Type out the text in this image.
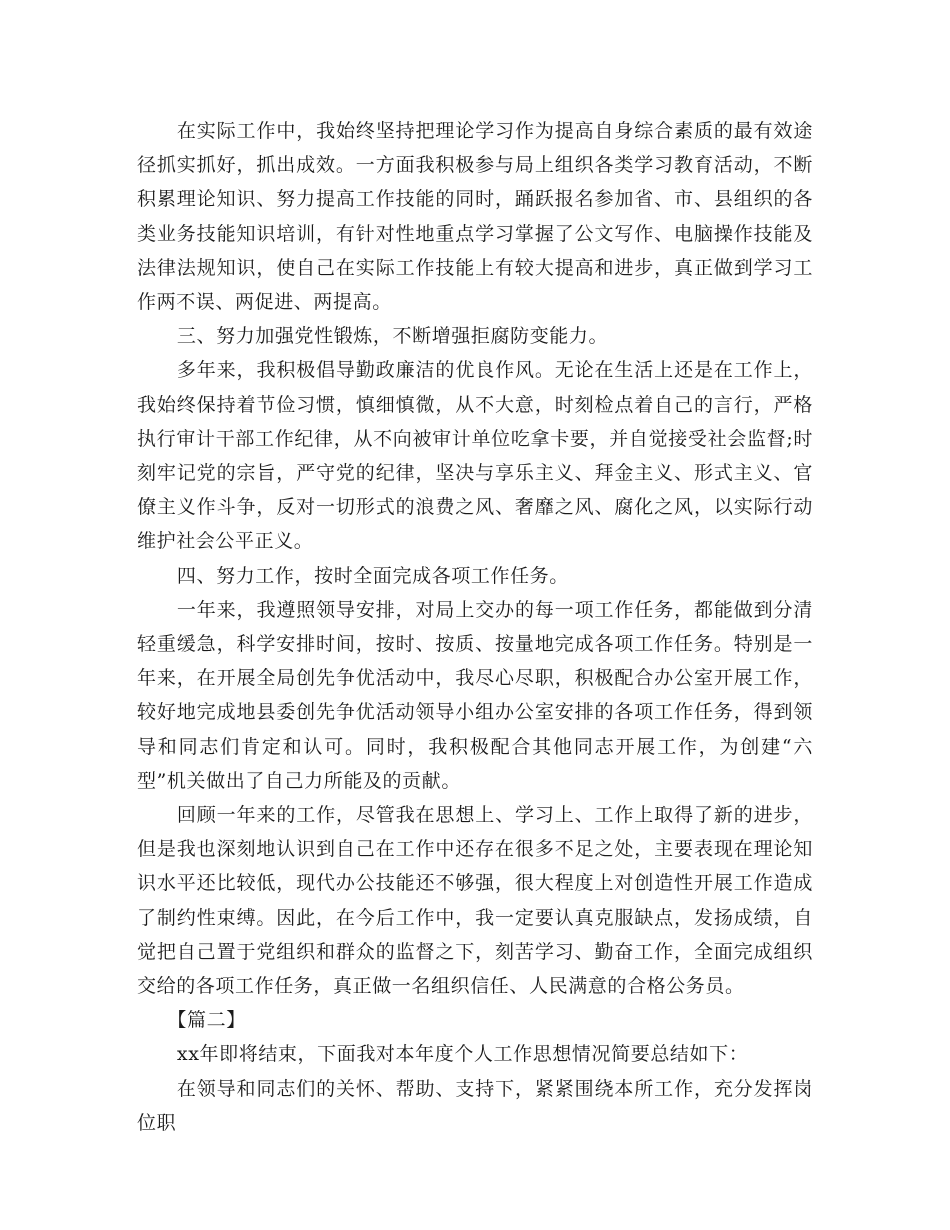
在实际工作中，我始终坚持把理论学习作为提高自身综合素质的最有效途径抓实抓好，抓出成效。一方面我积极参与局上组织各类学习教育活动，不断积累理论知识、努力提高工作技能的同时，踊跃报名参加省、市、县组织的各类业务技能知识培训，有针对性地重点学习掌握了公文写作、电脑操作技能及法律法规知识，使自己在实际工作技能上有较大提高和进步，真正做到学习工作两不误、两促进、两提高。

三、努力加强党性锻炼，不断增强拒腐防变能力。

多年来，我积极倡导勤政廉洁的优良作风。无论在生活上还是在工作上，我始终保持着节俭习惯，慎细慎微，从不大意，时刻检点着自己的言行，严格执行审计干部工作纪律，从不向被审计单位吃拿卡要，并自觉接受社会监督;时刻牢记党的宗旨，严守党的纪律，坚决与享乐主义、拜金主义、形式主义、官僚主义作斗争，反对一切形式的浪费之风、奢靡之风、腐化之风，以实际行动维护社会公平正义。

四、努力工作，按时全面完成各项工作任务。

一年来，我遵照领导安排，对局上交办的每一项工作任务，都能做到分清轻重缓急，科学安排时间，按时、按质、按量地完成各项工作任务。特别是一年来，在开展全局创先争优活动中，我尽心尽职，积极配合办公室开展工作，较好地完成地县委创先争优活动领导小组办公室安排的各项工作任务，得到领导和同志们肯定和认可。同时，我积极配合其他同志开展工作，为创建“六型”机关做出了自己力所能及的贡献。

回顾一年来的工作，尽管我在思想上、学习上、工作上取得了新的进步，但是我也深刻地认识到自己在工作中还存在很多不足之处，主要表现在理论知识水平还比较低，现代办公技能还不够强，很大程度上对创造性开展工作造成了制约性束缚。因此，在今后工作中，我一定要认真克服缺点，发扬成绩，自觉把自己置于党组织和群众的监督之下，刻苦学习、勤奋工作，全面完成组织交给的各项工作任务，真正做一名组织信任、人民满意的合格公务员。

【篇二】

xx年即将结束，下面我对本年度个人工作思想情况简要总结如下：

在领导和同志们的关怀、帮助、支持下，紧紧围绕本所工作，充分发挥岗位职
